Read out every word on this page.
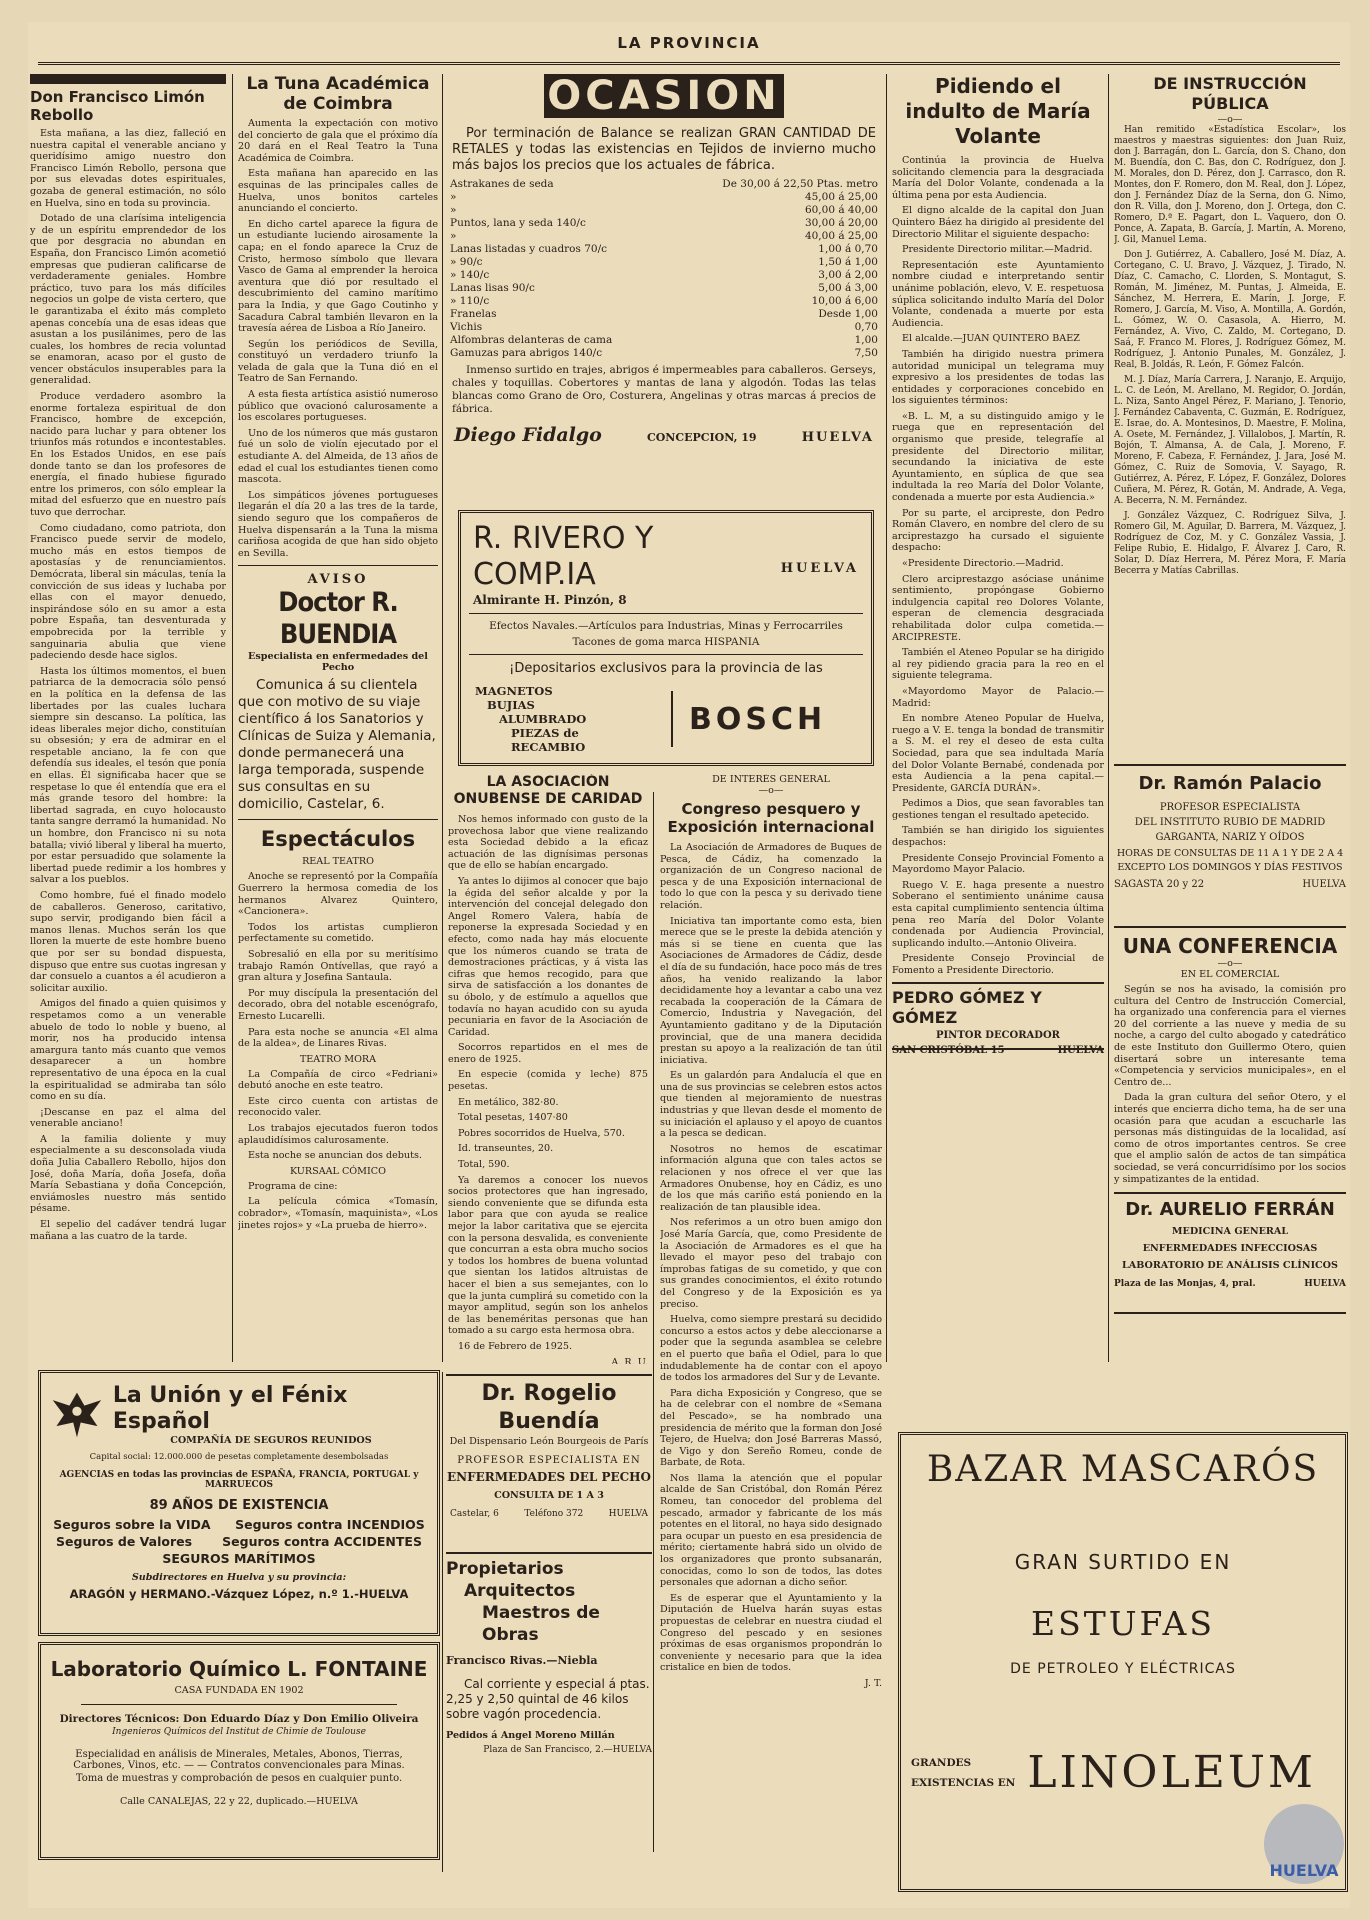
LA PROVINCIA
Don Francisco Limón Rebollo

Esta mañana, a las diez, falleció en nuestra capital el venerable anciano y queridísimo amigo nuestro don Francisco Limón Rebollo, persona que por sus elevadas dotes espirituales, gozaba de general estimación, no sólo en Huelva, sino en toda su provincia.

Dotado de una clarísima inteligencia y de un espíritu emprendedor de los que por desgracia no abundan en España, don Francisco Limón acometió empresas que pudieran calificarse de verdaderamente geniales. Hombre práctico, tuvo para los más difíciles negocios un golpe de vista certero, que le garantizaba el éxito más completo apenas concebía una de esas ideas que asustan a los pusilánimes, pero de las cuales, los hombres de recia voluntad se enamoran, acaso por el gusto de vencer obstáculos insuperables para la generalidad.

Produce verdadero asombro la enorme fortaleza espiritual de don Francisco, hombre de excepción, nacido para luchar y para obtener los triunfos más rotundos e incontestables. En los Estados Unidos, en ese país donde tanto se dan los profesores de energía, el finado hubiese figurado entre los primeros, con sólo emplear la mitad del esfuerzo que en nuestro país tuvo que derrochar.

Como ciudadano, como patriota, don Francisco puede servir de modelo, mucho más en estos tiempos de apostasías y de renunciamientos. Demócrata, liberal sin máculas, tenía la convicción de sus ideas y luchaba por ellas con el mayor denuedo, inspirándose sólo en su amor a esta pobre España, tan desventurada y empobrecida por la terrible y sanguinaria abulia que viene padeciendo desde hace siglos.

Hasta los últimos momentos, el buen patriarca de la democracia sólo pensó en la política en la defensa de las libertades por las cuales luchara siempre sin descanso. La política, las ideas liberales mejor dicho, constituían su obsesión; y era de admirar en el respetable anciano, la fe con que defendía sus ideales, el tesón que ponía en ellas. Él significaba hacer que se respetase lo que él entendía que era el más grande tesoro del hombre: la libertad sagrada, en cuyo holocausto tanta sangre derramó la humanidad. No un hombre, don Francisco ni su nota batalla; vivió liberal y liberal ha muerto, por estar persuadido que solamente la libertad puede redimir a los hombres y salvar a los pueblos.

Como hombre, fué el finado modelo de caballeros. Generoso, caritativo, supo servir, prodigando bien fácil a manos llenas. Muchos serán los que lloren la muerte de este hombre bueno que por ser su bondad dispuesta, dispuso que entre sus cuotas ingresan y dar consuelo a cuantos a él acudieron a solicitar auxilio.

Amigos del finado a quien quisimos y respetamos como a un venerable abuelo de todo lo noble y bueno, al morir, nos ha producido intensa amargura tanto más cuanto que vemos desaparecer a un hombre representativo de una época en la cual la espiritualidad se admiraba tan sólo como en su día.

¡Descanse en paz el alma del venerable anciano!

A la familia doliente y muy especialmente a su desconsolada viuda doña Julia Caballero Rebollo, hijos don José, doña María, doña Josefa, doña María Sebastiana y doña Concepción, enviámosles nuestro más sentido pésame.

El sepelio del cadáver tendrá lugar mañana a las cuatro de la tarde.

La Tuna Académica de Coimbra

Aumenta la expectación con motivo del concierto de gala que el próximo día 20 dará en el Real Teatro la Tuna Académica de Coimbra.

Esta mañana han aparecido en las esquinas de las principales calles de Huelva, unos bonitos carteles anunciando el concierto.

En dicho cartel aparece la figura de un estudiante luciendo airosamente la capa; en el fondo aparece la Cruz de Cristo, hermoso símbolo que llevara Vasco de Gama al emprender la heroica aventura que dió por resultado el descubrimiento del camino marítimo para la India, y que Gago Coutinho y Sacadura Cabral también llevaron en la travesía aérea de Lisboa a Río Janeiro.

Según los periódicos de Sevilla, constituyó un verdadero triunfo la velada de gala que la Tuna dió en el Teatro de San Fernando.

A esta fiesta artística asistió numeroso público que ovacionó calurosamente a los escolares portugueses.

Uno de los números que más gustaron fué un solo de violín ejecutado por el estudiante A. del Almeida, de 13 años de edad el cual los estudiantes tienen como mascota.

Los simpáticos jóvenes portugueses llegarán el día 20 a las tres de la tarde, siendo seguro que los compañeros de Huelva dispensarán a la Tuna la misma cariñosa acogida de que han sido objeto en Sevilla.

AVISO
Doctor R. BUENDIA
Especialista en enfermedades del Pecho
Comunica á su clientela que con motivo de su viaje científico á los Sanatorios y Clínicas de Suiza y Alemania, donde permanecerá una larga temporada, suspende sus consultas en su domicilio, Castelar, 6.
Espectáculos
REAL TEATRO

Anoche se representó por la Compañía Guerrero la hermosa comedia de los hermanos Alvarez Quintero, «Cancionera».

Todos los artistas cumplieron perfectamente su cometido.

Sobresalió en ella por su meritísimo trabajo Ramón Ontívellas, que rayó a gran altura y Josefina Santaula.

Por muy discípula la presentación del decorado, obra del notable escenógrafo, Ernesto Lucarelli.

Para esta noche se anuncia «El alma de la aldea», de Linares Rivas.

TEATRO MORA

La Compañía de circo «Fedriani» debutó anoche en este teatro.

Este circo cuenta con artistas de reconocido valer.

Los trabajos ejecutados fueron todos aplaudidísimos calurosamente.

Esta noche se anuncian dos debuts.

KURSAAL CÓMICO

Programa de cine:

La película cómica «Tomasín, cobrador», «Tomasín, maquinista», «Los jinetes rojos» y «La prueba de hierro».

OCASION
Por terminación de Balance se realizan GRAN CANTIDAD DE RETALES y todas las existencias en Tejidos de invierno mucho más bajos los precios que los actuales de fábrica.
Astrakanes de seda	De 30,00 á 22,50 Ptas. metro
»	45,00 á 25,00
»	60,00 á 40,00
Puntos, lana y seda 140/c	30,00 á 20,00
»	40,00 á 25,00
Lanas listadas y cuadros 70/c	1,00 á 0,70
» 90/c	1,50 á 1,00
» 140/c	3,00 á 2,00
Lanas lisas 90/c	5,00 á 3,00
» 110/c	10,00 á 6,00
Franelas	Desde 1,00
Vichis	0,70
Alfombras delanteras de cama	1,00
Gamuzas para abrigos 140/c	7,50
Inmenso surtido en trajes, abrigos é impermeables para caballeros. Gerseys, chales y toquillas. Cobertores y mantas de lana y algodón. Todas las telas blancas como Grano de Oro, Costurera, Angelinas y otras marcas á precios de fábrica.
Diego Fidalgo	CONCEPCION, 19	HUELVA
R. RIVERO Y COMP.IA
Almirante H. Pinzón, 8
HUELVA
Efectos Navales.—Artículos para Industrias, Minas y Ferrocarriles
Tacones de goma marca HISPANIA
¡Depositarios exclusivos para la provincia de las
MAGNETOS
BUJIAS
ALUMBRADO
PIEZAS de RECAMBIO
BOSCH
LA ASOCIACIÓN ONUBENSE DE CARIDAD

Nos hemos informado con gusto de la provechosa labor que viene realizando esta Sociedad debido a la eficaz actuación de las dignísimas personas que de ello se habían encargado.

Ya antes lo dijimos al conocer que bajo la égida del señor alcalde y por la intervención del concejal delegado don Angel Romero Valera, había de reponerse la expresada Sociedad y en efecto, como nada hay más elocuente que los números cuando se trata de demostraciones prácticas, y á vista las cifras que hemos recogido, para que sirva de satisfacción a los donantes de su óbolo, y de estímulo a aquellos que todavía no hayan acudido con su ayuda pecuniaria en favor de la Asociación de Caridad.

Socorros repartidos en el mes de enero de 1925.

En especie (comida y leche) 875 pesetas.

En metálico, 382·80.

Total pesetas, 1407·80

Pobres socorridos de Huelva, 570.

Id. transeuntes, 20.

Total, 590.

Ya daremos a conocer los nuevos socios protectores que han ingresado, siendo conveniente que se difunda esta labor para que con ayuda se realice mejor la labor caritativa que se ejercita con la persona desvalida, es conveniente que concurran a esta obra mucho socios y todos los hombres de buena voluntad que sientan los latidos altruistas de hacer el bien a sus semejantes, con lo que la junta cumplirá su cometido con la mayor amplitud, según son los anhelos de las beneméritas personas que han tomado a su cargo esta hermosa obra.

16 de Febrero de 1925.

A. R. U.
Dr. Rogelio Buendía
Del Dispensario León Bourgeois de París
PROFESOR ESPECIALISTA EN
ENFERMEDADES DEL PECHO
CONSULTA DE 1 A 3
Castelar, 6	Teléfono 372	HUELVA
Propietarios
Arquitectos
Maestros de Obras
Francisco Rivas.—Niebla
Cal corriente y especial á ptas. 2,25 y 2,50 quintal de 46 kilos sobre vagón procedencia.
Pedidos á Angel Moreno Millán
Plaza de San Francisco, 2.—HUELVA
DE INTERÉS GENERAL
—o—
Congreso pesquero y Exposición internacional

La Asociación de Armadores de Buques de Pesca, de Cádiz, ha comenzado la organización de un Congreso nacional de pesca y de una Exposición internacional de todo lo que con la pesca y su derivado tiene relación.

Iniciativa tan importante como esta, bien merece que se le preste la debida atención y más si se tiene en cuenta que las Asociaciones de Armadores de Cádiz, desde el día de su fundación, hace poco más de tres años, ha venido realizando la labor decididamente hoy a levantar a cabo una vez recabada la cooperación de la Cámara de Comercio, Industria y Navegación, del Ayuntamiento gaditano y de la Diputación provincial, que de una manera decidida prestan su apoyo a la realización de tan útil iniciativa.

Es un galardón para Andalucía el que en una de sus provincias se celebren estos actos que tienden al mejoramiento de nuestras industrias y que llevan desde el momento de su iniciación el aplauso y el apoyo de cuantos a la pesca se dedican.

Nosotros no hemos de escatimar información alguna que con tales actos se relacionen y nos ofrece el ver que las Armadores Onubense, hoy en Cádiz, es uno de los que más cariño está poniendo en la realización de tan plausible idea.

Nos referimos a un otro buen amigo don José María García, que, como Presidente de la Asociación de Armadores es el que ha llevado el mayor peso del trabajo con ímprobas fatigas de su cometido, y que con sus grandes conocimientos, el éxito rotundo del Congreso y de la Exposición es ya preciso.

Huelva, como siempre prestará su decidido concurso a estos actos y debe aleccionarse a poder que la segunda asamblea se celebre en el puerto que baña el Odiel, para lo que indudablemente ha de contar con el apoyo de todos los armadores del Sur y de Levante.

Para dicha Exposición y Congreso, que se ha de celebrar con el nombre de «Semana del Pescado», se ha nombrado una presidencia de mérito que la forman don José Tejero, de Huelva; don José Barreras Massó, de Vigo y don Sereño Romeu, conde de Barbate, de Rota.

Nos llama la atención que el popular alcalde de San Cristóbal, don Román Pérez Romeu, tan conocedor del problema del pescado, armador y fabricante de los más potentes en el litoral, no haya sido designado para ocupar un puesto en esa presidencia de mérito; ciertamente habrá sido un olvido de los organizadores que pronto subsanarán, conocidas, como lo son de todos, las dotes personales que adornan a dicho señor.

Es de esperar que el Ayuntamiento y la Diputación de Huelva harán suyas estas propuestas de celebrar en nuestra ciudad el Congreso del pescado y en sesiones próximas de esas organismos propondrán lo conveniente y necesario para que la idea cristalice en bien de todos.

J. T.
Pidiendo el indulto de María Volante

Continúa la provincia de Huelva solicitando clemencia para la desgraciada María del Dolor Volante, condenada a la última pena por esta Audiencia.

El digno alcalde de la capital don Juan Quintero Báez ha dirigido al presidente del Directorio Militar el siguiente despacho:

Presidente Directorio militar.—Madrid.

Representación este Ayuntamiento nombre ciudad e interpretando sentir unánime población, elevo, V. E. respetuosa súplica solicitando indulto María del Dolor Volante, condenada a muerte por esta Audiencia.

El alcalde.—JUAN QUINTERO BAEZ

También ha dirigido nuestra primera autoridad municipal un telegrama muy expresivo a los presidentes de todas las entidades y corporaciones concebido en los siguientes términos:

«B. L. M, a su distinguido amigo y le ruega que en representación del organismo que preside, telegrafíe al presidente del Directorio militar, secundando la iniciativa de este Ayuntamiento, en súplica de que sea indultada la reo María del Dolor Volante, condenada a muerte por esta Audiencia.»

Por su parte, el arcipreste, don Pedro Román Clavero, en nombre del clero de su arciprestazgo ha cursado el siguiente despacho:

«Presidente Directorio.—Madrid.

Clero arciprestazgo asóciase unánime sentimiento, propóngase Gobierno indulgencia capital reo Dolores Volante, esperan de clemencia desgraciada rehabilitada dolor culpa cometida.—ARCIPRESTE.

También el Ateneo Popular se ha dirigido al rey pidiendo gracia para la reo en el siguiente telegrama.

«Mayordomo Mayor de Palacio.—Madrid:

En nombre Ateneo Popular de Huelva, ruego a V. E. tenga la bondad de transmitir a S. M. el rey el deseo de esta culta Sociedad, para que sea indultada María del Dolor Volante Bernabé, condenada por esta Audiencia a la pena capital.—Presidente, GARCÍA DURÁN».

Pedimos a Dios, que sean favorables tan gestiones tengan el resultado apetecido.

También se han dirigido los siguientes despachos:

Presidente Consejo Provincial Fomento a Mayordomo Mayor Palacio.

Ruego V. E. haga presente a nuestro Soberano el sentimiento unánime causa esta capital cumplimiento sentencia última pena reo María del Dolor Volante condenada por Audiencia Provincial, suplicando indulto.—Antonio Oliveira.

Presidente Consejo Provincial de Fomento a Presidente Directorio.

PEDRO GÓMEZ Y GÓMEZ
PINTOR DECORADOR
SAN CRISTÓBAL 15	HUELVA
DE INSTRUCCIÓN PÚBLICA
—o—

Han remitido «Estadística Escolar», los maestros y maestras siguientes: don Juan Ruiz, don J. Barragán, don L. García, don S. Chano, don M. Buendía, don C. Bas, don C. Rodríguez, don J. M. Morales, don D. Pérez, don J. Carrasco, don R. Montes, don F. Romero, don M. Real, don J. López, don J. Fernández Díaz de la Serna, don G. Nimo, don R. Villa, don J. Moreno, don J. Ortega, don C. Romero, D.ª E. Pagart, don L. Vaquero, don O. Ponce, A. Zapata, B. García, J. Martín, A. Moreno, J. Gil, Manuel Lema.

Don J. Gutiérrez, A. Caballero, José M. Díaz, A. Cortegano, C. U. Bravo, J. Vázquez, J. Tirado, N. Díaz, C. Camacho, C. Llorden, S. Montagut, S. Román, M. Jiménez, M. Puntas, J. Almeida, E. Sánchez, M. Herrera, E. Marín, J. Jorge, F. Romero, J. García, M. Viso, A. Montilla, A. Gordón, L. Gómez, W. O. Casasola, A. Hierro, M. Fernández, A. Vivo, C. Zaldo, M. Cortegano, D. Saá, F. Franco M. Flores, J. Rodríguez Gómez, M. Rodríguez, J. Antonio Punales, M. González, J. Real, B. Joldás, R. León, F. Gómez Falcón.

M. J. Díaz, María Carrera, J. Naranjo, E. Arquijo, L. C. de León, M. Arellano, M. Regidor, O. Jordán, L. Niza, Santo Angel Pérez, F. Mariano, J. Tenorio, J. Fernández Cabaventa, C. Guzmán, E. Rodríguez, E. Israe, do. A. Montesinos, D. Maestre, F. Molina, A. Osete, M. Fernández, J. Villalobos, J. Martín, R. Bojón, T. Almansa, A. de Cala, J. Moreno, F. Moreno, F. Cabeza, F. Fernández, J. Jara, José M. Gómez, C. Ruiz de Somovia, V. Sayago, R. Gutiérrez, A. Pérez, F. López, F. González, Dolores Cuñera, M. Pérez, R. Gotán, M. Andrade, A. Vega, A. Becerra, N. M. Fernández.

J. González Vázquez, C. Rodríguez Silva, J. Romero Gil, M. Aguilar, D. Barrera, M. Vázquez, J. Rodríguez de Coz, M. y C. González Vassia, J. Felipe Rubio, E. Hidalgo, F. Álvarez J. Caro, R. Solar, D. Díaz Herrera, M. Pérez Mora, F. María Becerra y Matías Cabrillas.

Dr. Ramón Palacio
PROFESOR ESPECIALISTA
DEL INSTITUTO RUBIO DE MADRID
GARGANTA, NARIZ Y OÍDOS
HORAS DE CONSULTAS DE 11 A 1 Y DE 2 A 4 EXCEPTO LOS DOMINGOS Y DÍAS FESTIVOS
SAGASTA 20 y 22	HUELVA
UNA CONFERENCIA
—o—
EN EL COMERCIAL

Según se nos ha avisado, la comisión pro cultura del Centro de Instrucción Comercial, ha organizado una conferencia para el viernes 20 del corriente a las nueve y media de su noche, a cargo del culto abogado y catedrático de este Instituto don Guillermo Otero, quien disertará sobre un interesante tema «Competencia y servicios municipales», en el Centro de...

Dada la gran cultura del señor Otero, y el interés que encierra dicho tema, ha de ser una ocasión para que acudan a escucharle las personas más distinguidas de la localidad, así como de otros importantes centros. Se cree que el amplio salón de actos de tan simpática sociedad, se verá concurridísimo por los socios y simpatizantes de la entidad.

Dr. AURELIO FERRÁN
MEDICINA GENERAL
ENFERMEDADES INFECCIOSAS
LABORATORIO DE ANÁLISIS CLÍNICOS
Plaza de las Monjas, 4, pral.	HUELVA
La Unión y el Fénix Español
COMPAÑÍA DE SEGUROS REUNIDOS
Capital social: 12.000.000 de pesetas completamente desembolsadas
AGENCIAS en todas las provincias de ESPAÑA, FRANCIA, PORTUGAL y MARRUECOS
89 AÑOS DE EXISTENCIA
Seguros sobre la VIDA Seguros contra INCENDIOS
Seguros de Valores Seguros contra ACCIDENTES
SEGUROS MARÍTIMOS
Subdirectores en Huelva y su provincia:
ARAGÓN y HERMANO.-Vázquez López, n.º 1.-HUELVA
Laboratorio Químico L. FONTAINE
CASA FUNDADA EN 1902
Directores Técnicos: Don Eduardo Díaz y Don Emilio Oliveira
Ingenieros Químicos del Institut de Chimie de Toulouse
Especialidad en análisis de Minerales, Metales, Abonos, Tierras, Carbones, Vinos, etc. — — Contratos convencionales para Minas.
Toma de muestras y comprobación de pesos en cualquier punto.
Calle CANALEJAS, 22 y 22, duplicado.—HUELVA
BAZAR MASCARÓS
GRAN SURTIDO EN
ESTUFAS
DE PETROLEO Y ELÉCTRICAS
GRANDES
EXISTENCIAS EN LINOLEUM
HUELVA
